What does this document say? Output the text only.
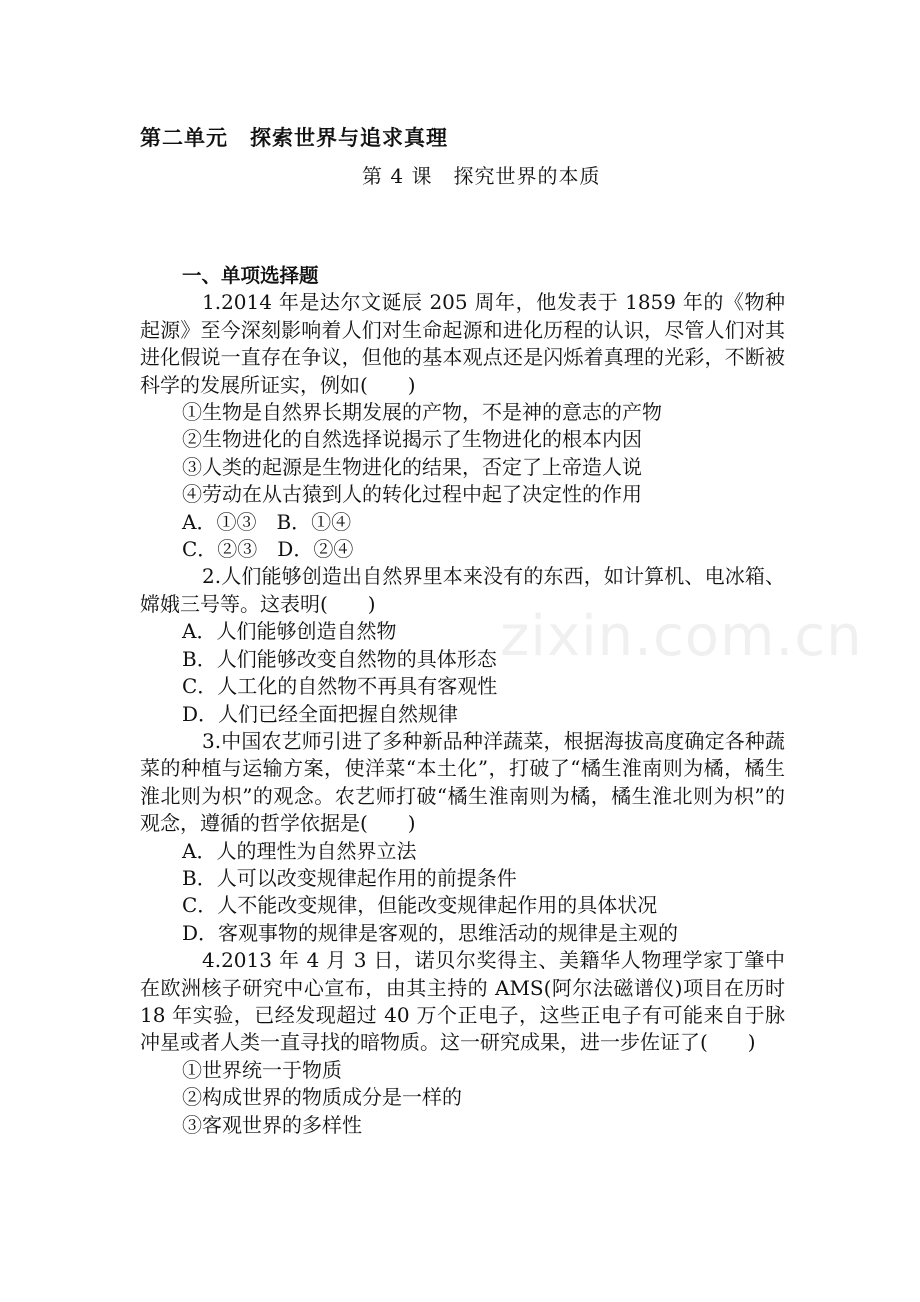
第二单元　探索世界与追求真理
第 4 课　探究世界的本质
一、单项选择题

1.2014 年是达尔文诞辰 205 周年，他发表于 1859 年的《物种起源》至今深刻影响着人们对生命起源和进化历程的认识，尽管人们对其进化假说一直存在争议，但他的基本观点还是闪烁着真理的光彩，不断被科学的发展所证实，例如(　　)

①生物是自然界长期发展的产物，不是神的意志的产物

②生物进化的自然选择说揭示了生物进化的根本内因

③人类的起源是生物进化的结果，否定了上帝造人说

④劳动在从古猿到人的转化过程中起了决定性的作用

A．①③　B．①④

C．②③　D．②④

2.人们能够创造出自然界里本来没有的东西，如计算机、电冰箱、嫦娥三号等。这表明(　　)

A．人们能够创造自然物

B．人们能够改变自然物的具体形态

C．人工化的自然物不再具有客观性

D．人们已经全面把握自然规律

3.中国农艺师引进了多种新品种洋蔬菜，根据海拔高度确定各种蔬菜的种植与运输方案，使洋菜“本土化”，打破了“橘生淮南则为橘，橘生淮北则为枳”的观念。农艺师打破“橘生淮南则为橘，橘生淮北则为枳”的观念，遵循的哲学依据是(　　)

A．人的理性为自然界立法

B．人可以改变规律起作用的前提条件

C．人不能改变规律，但能改变规律起作用的具体状况

D．客观事物的规律是客观的，思维活动的规律是主观的

4.2013 年 4 月 3 日，诺贝尔奖得主、美籍华人物理学家丁肇中在欧洲核子研究中心宣布，由其主持的 AMS(阿尔法磁谱仪)项目在历时 18 年实验，已经发现超过 40 万个正电子，这些正电子有可能来自于脉冲星或者人类一直寻找的暗物质。这一研究成果，进一步佐证了(　　)

①世界统一于物质

②构成世界的物质成分是一样的

③客观世界的多样性

zixin.com.cn
